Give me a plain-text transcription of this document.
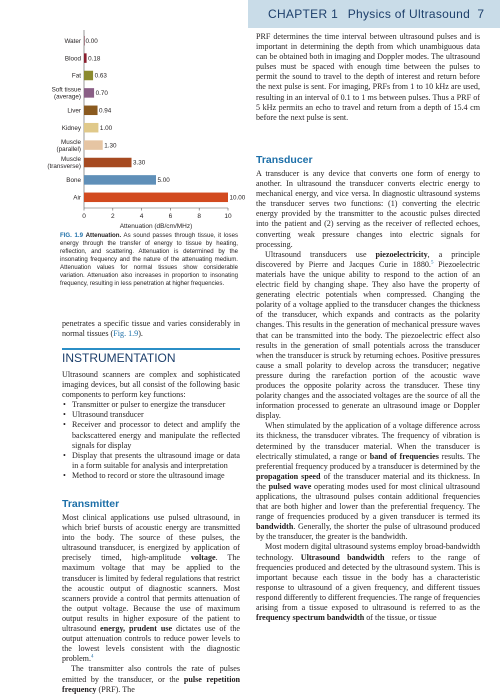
CHAPTER 1 Physics of Ultrasound 7
0.00
Water
0.18
Blood
0.63
Fat
0.70
Soft tissue
(average)
0.94
Liver
1.00
Kidney
1.30
Muscle
(parallel)
3.30
Muscle
(transverse)
5.00
Bone
10.00
Air
0	2	4	6	8	10
Attenuation (dB/cm/MHz)
FIG. 1.9 Attenuation. As sound passes through tissue, it loses energy through the transfer of energy to tissue by heating, reflection, and scattering. Attenuation is determined by the insonating frequency and the nature of the attenuating medium. Attenuation values for normal tissues show considerable variation. Attenuation also increases in proportion to insonating frequency, resulting in less penetration at higher frequencies.

penetrates a specific tissue and varies considerably in normal tissues (Fig. 1.9).

INSTRUMENTATION

Ultrasound scanners are complex and sophisticated imaging devices, but all consist of the following basic components to perform key functions:

• Transmitter or pulser to energize the transducer
• Ultrasound transducer
• Receiver and processor to detect and amplify the backscattered energy and manipulate the reflected signals for display
• Display that presents the ultrasound image or data in a form suitable for analysis and interpretation
• Method to record or store the ultrasound image
Transmitter

Most clinical applications use pulsed ultrasound, in which brief bursts of acoustic energy are transmitted into the body. The source of these pulses, the ultrasound transducer, is energized by application of precisely timed, high-amplitude voltage. The maximum voltage that may be applied to the transducer is limited by federal regulations that restrict the acoustic output of diagnostic scanners. Most scanners provide a control that permits attenuation of the output voltage. Because the use of maximum output results in higher exposure of the patient to ultrasound energy, prudent use dictates use of the output attenuation controls to reduce power levels to the lowest levels consistent with the diagnostic problem.$^4$

The transmitter also controls the rate of pulses emitted by the transducer, or the pulse repetition frequency (PRF). The

PRF determines the time interval between ultrasound pulses and is important in determining the depth from which unambiguous data can be obtained both in imaging and Doppler modes. The ultrasound pulses must be spaced with enough time between the pulses to permit the sound to travel to the depth of interest and return before the next pulse is sent. For imaging, PRFs from 1 to 10 kHz are used, resulting in an interval of 0.1 to 1 ms between pulses. Thus a PRF of 5 kHz permits an echo to travel and return from a depth of 15.4 cm before the next pulse is sent.

Transducer

A transducer is any device that converts one form of energy to another. In ultrasound the transducer converts electric energy to mechanical energy, and vice versa. In diagnostic ultrasound systems the transducer serves two functions: (1) converting the electric energy provided by the transmitter to the acoustic pulses directed into the patient and (2) serving as the receiver of reflected echoes, converting weak pressure changes into electric signals for processing.

Ultrasound transducers use piezoelectricity, a principle discovered by Pierre and Jacques Curie in 1880.$^5$ Piezoelectric materials have the unique ability to respond to the action of an electric field by changing shape. They also have the property of generating electric potentials when compressed. Changing the polarity of a voltage applied to the transducer changes the thickness of the transducer, which expands and contracts as the polarity changes. This results in the generation of mechanical pressure waves that can be transmitted into the body. The piezoelectric effect also results in the generation of small potentials across the transducer when the transducer is struck by returning echoes. Positive pressures cause a small polarity to develop across the transducer; negative pressure during the rarefaction portion of the acoustic wave produces the opposite polarity across the transducer. These tiny polarity changes and the associated voltages are the source of all the information processed to generate an ultrasound image or Doppler display.

When stimulated by the application of a voltage difference across its thickness, the transducer vibrates. The frequency of vibration is determined by the transducer material. When the transducer is electrically stimulated, a range or band of frequencies results. The preferential frequency produced by a transducer is determined by the propagation speed of the transducer material and its thickness. In the pulsed wave operating modes used for most clinical ultrasound applications, the ultrasound pulses contain additional frequencies that are both higher and lower than the preferential frequency. The range of frequencies produced by a given transducer is termed its bandwidth. Generally, the shorter the pulse of ultrasound produced by the transducer, the greater is the bandwidth.

Most modern digital ultrasound systems employ broad-bandwidth technology. Ultrasound bandwidth refers to the range of frequencies produced and detected by the ultrasound system. This is important because each tissue in the body has a characteristic response to ultrasound of a given frequency, and different tissues respond differently to different frequencies. The range of frequencies arising from a tissue exposed to ultrasound is referred to as the frequency spectrum bandwidth of the tissue, or tissue
